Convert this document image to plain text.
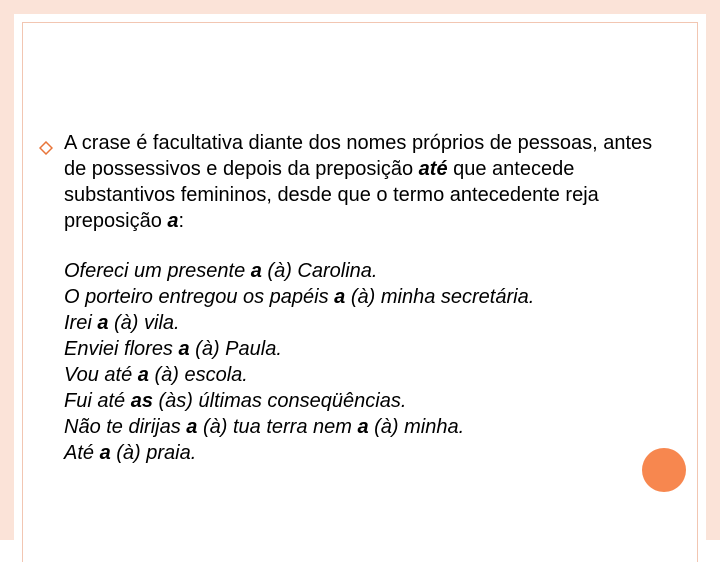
A crase é facultativa diante dos nomes próprios de pessoas, antes de possessivos e depois da preposição até que antecede substantivos femininos, desde que o termo antecedente reja preposição a:

Ofereci um presente a (à) Carolina.
O porteiro entregou os papéis a (à) minha secretária.
Irei a (à) vila.
Enviei flores a (à) Paula.
Vou até a (à) escola.
Fui até as (às) últimas conseqüências.
Não te dirijas a (à) tua terra nem a (à) minha.
Até a (à) praia.
